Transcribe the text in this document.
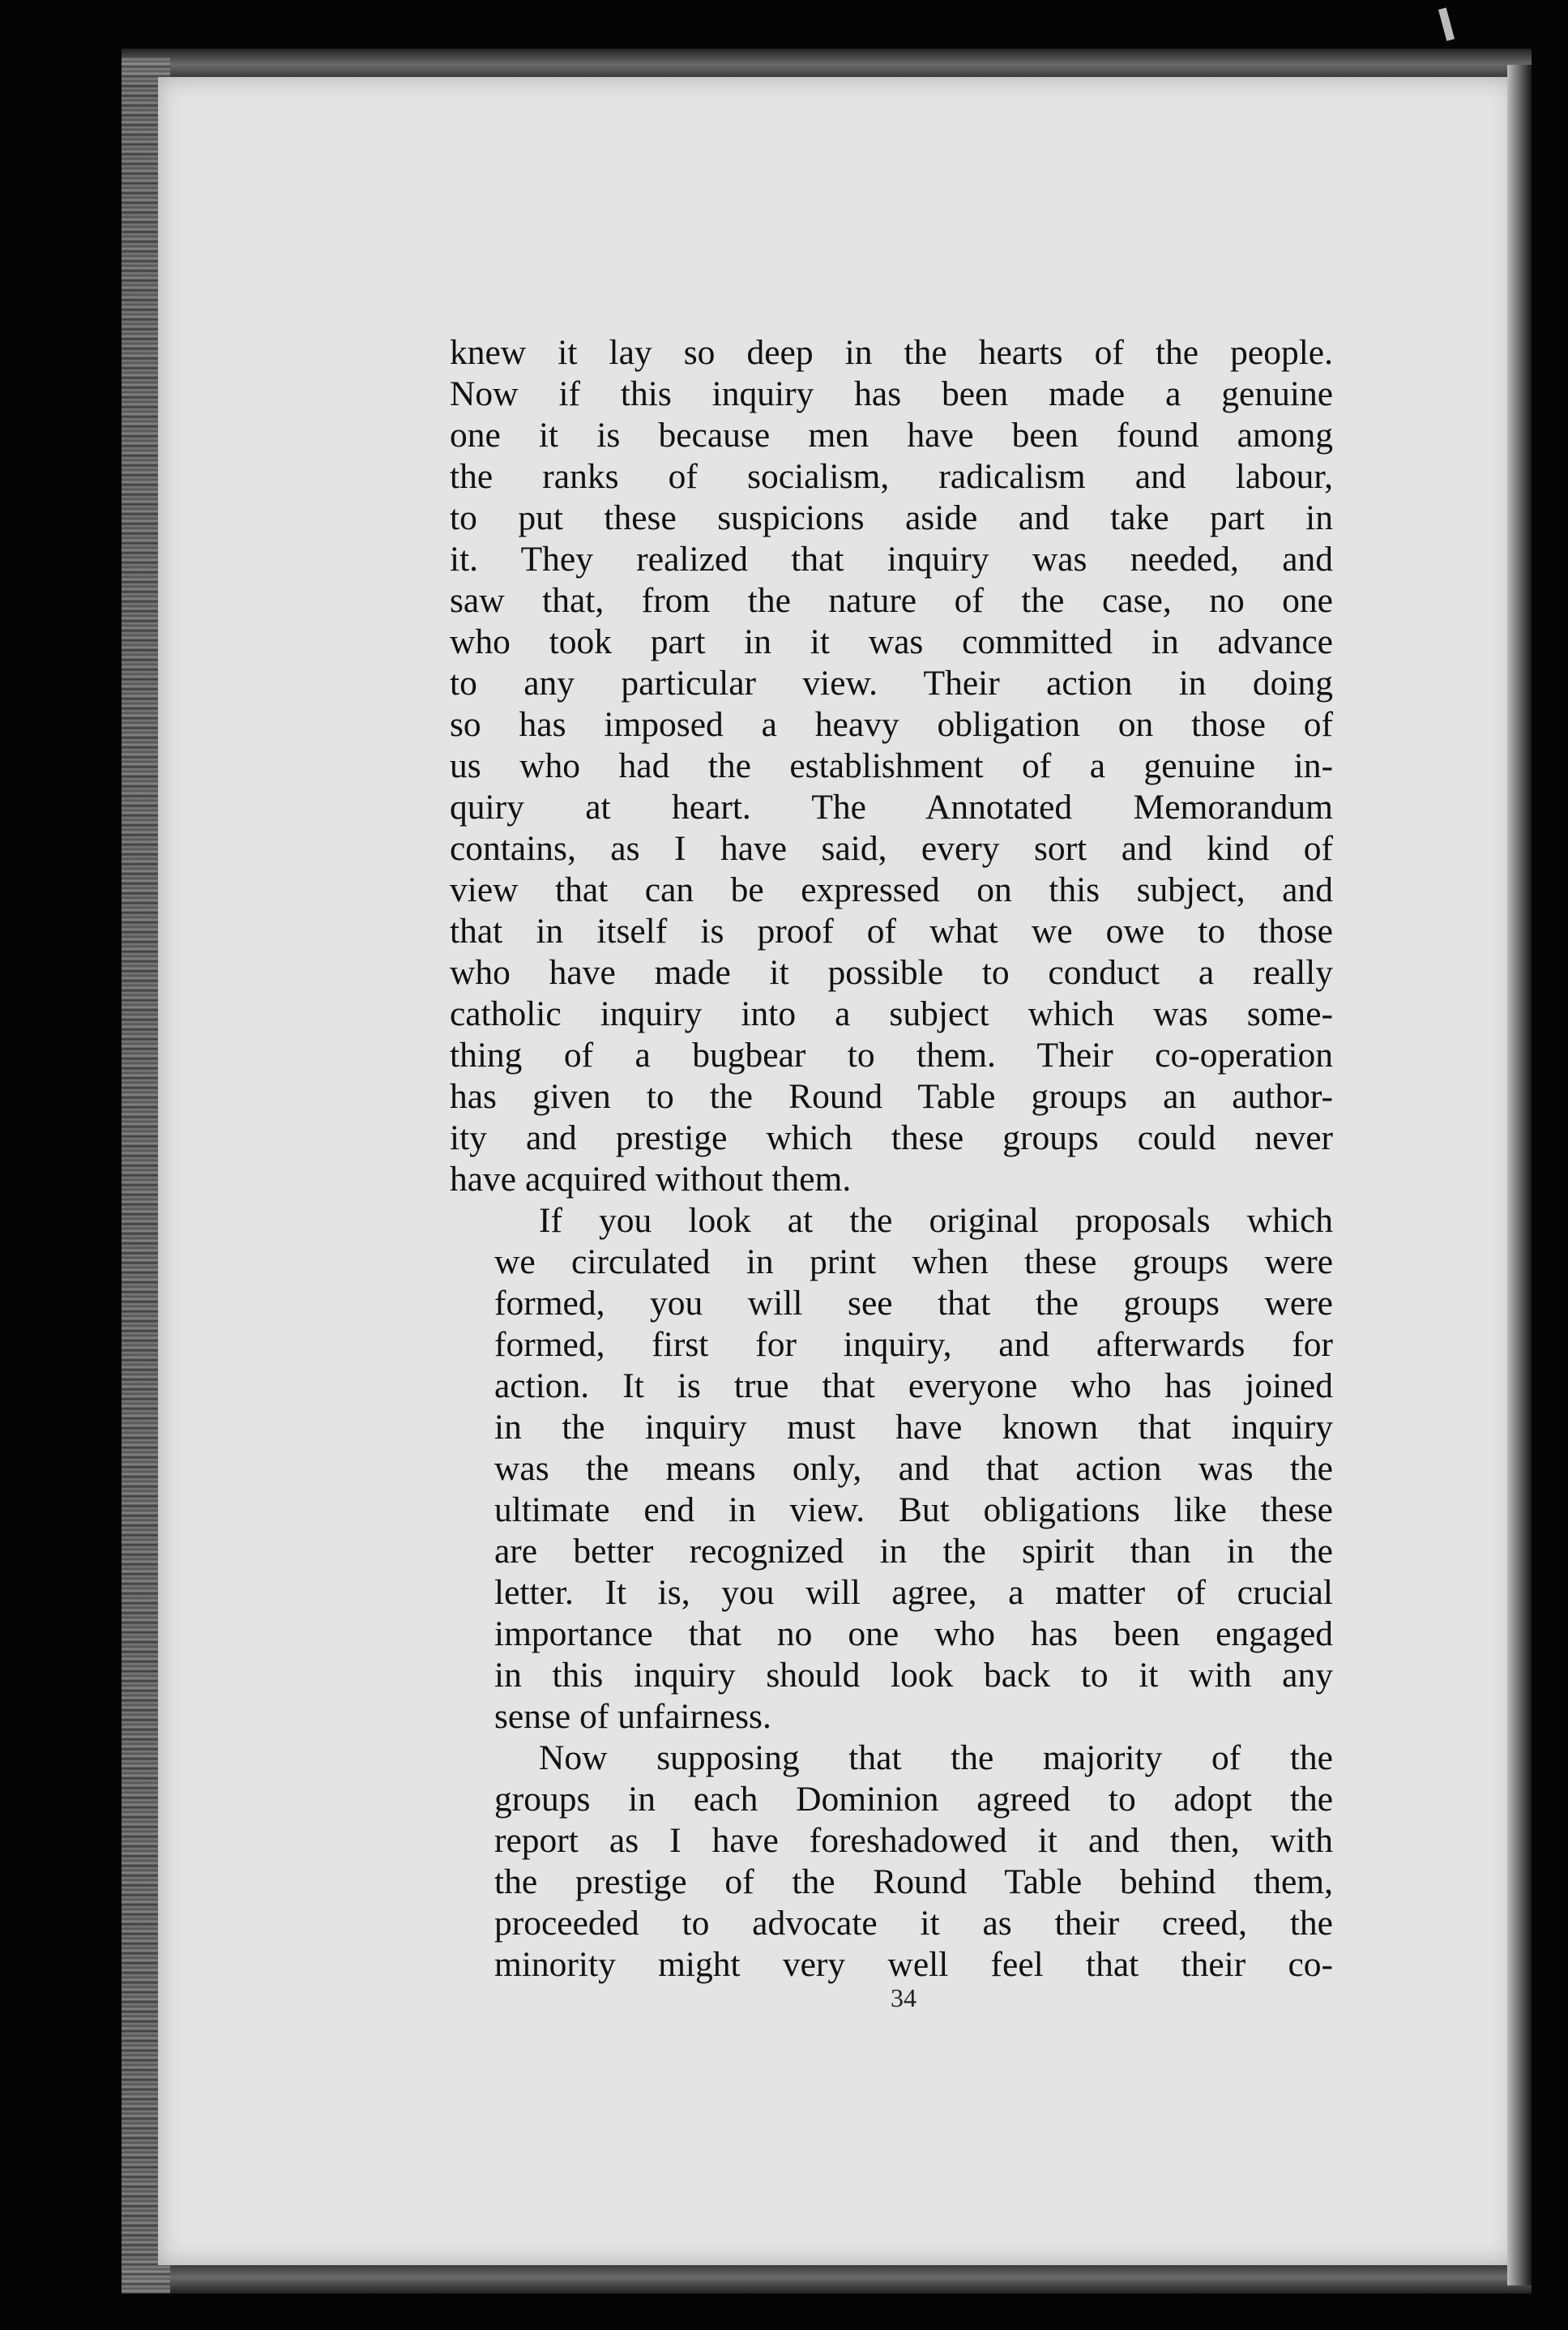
knew it lay so deep in the hearts of the people.
Now if this inquiry has been made a genuine
one it is because men have been found among
the ranks of socialism, radicalism and labour,
to put these suspicions aside and take part in
it. They realized that inquiry was needed, and
saw that, from the nature of the case, no one
who took part in it was committed in advance
to any particular view. Their action in doing
so has imposed a heavy obligation on those of
us who had the establishment of a genuine in-
quiry at heart. The Annotated Memorandum
contains, as I have said, every sort and kind of
view that can be expressed on this subject, and
that in itself is proof of what we owe to those
who have made it possible to conduct a really
catholic inquiry into a subject which was some-
thing of a bugbear to them. Their co-operation
has given to the Round Table groups an author-
ity and prestige which these groups could never
have acquired without them.

If you look at the original proposals which
we circulated in print when these groups were
formed, you will see that the groups were
formed, first for inquiry, and afterwards for
action. It is true that everyone who has joined
in the inquiry must have known that inquiry
was the means only, and that action was the
ultimate end in view. But obligations like these
are better recognized in the spirit than in the
letter. It is, you will agree, a matter of crucial
importance that no one who has been engaged
in this inquiry should look back to it with any
sense of unfairness.

Now supposing that the majority of the
groups in each Dominion agreed to adopt the
report as I have foreshadowed it and then, with
the prestige of the Round Table behind them,
proceeded to advocate it as their creed, the
minority might very well feel that their co-

34
